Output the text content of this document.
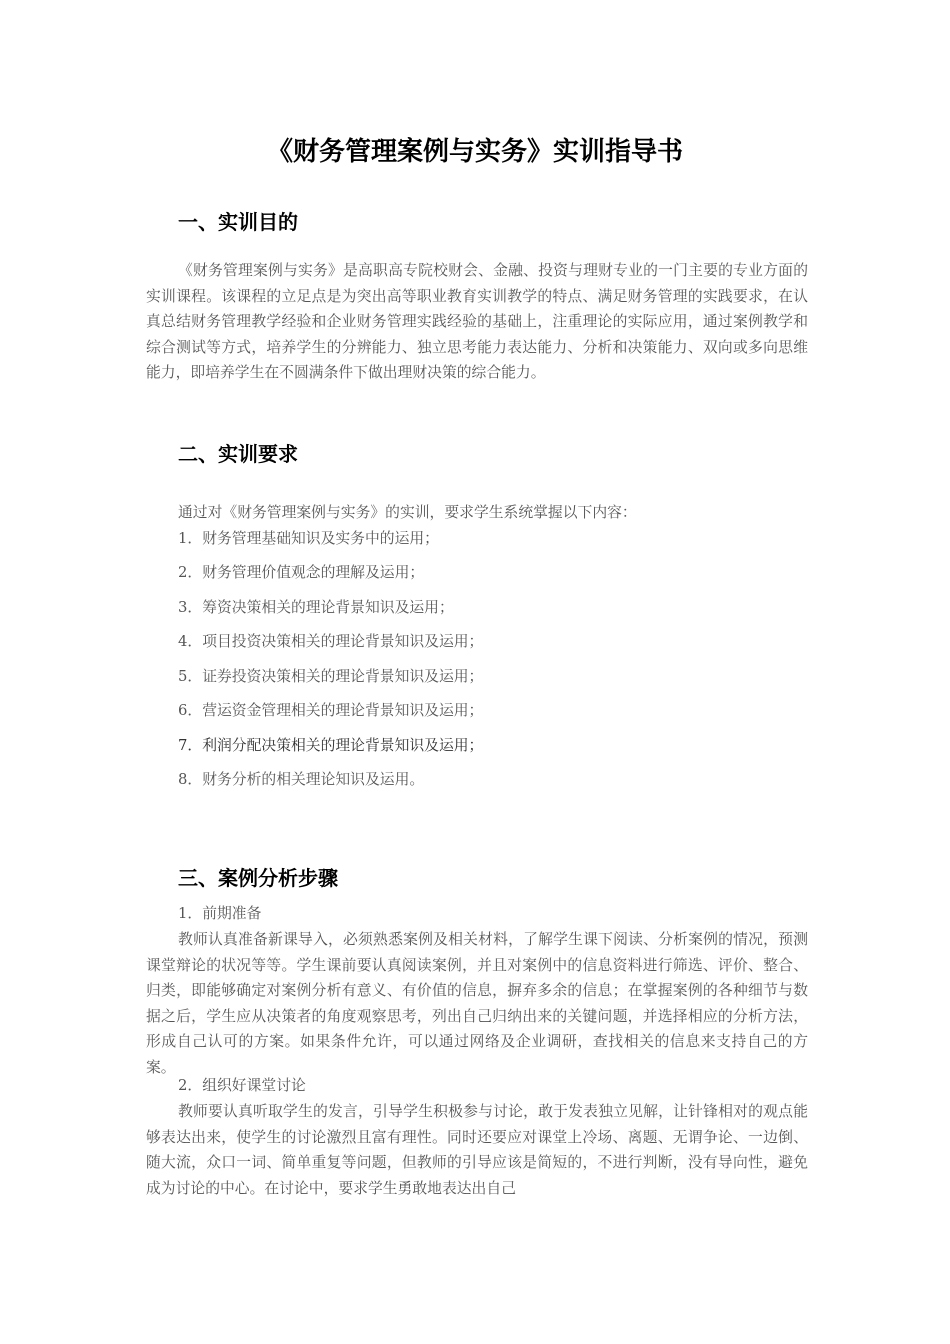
《财务管理案例与实务》实训指导书
一、实训目的

《财务管理案例与实务》是高职高专院校财会、金融、投资与理财专业的一门主要的专业方面的实训课程。该课程的立足点是为突出高等职业教育实训教学的特点、满足财务管理的实践要求，在认真总结财务管理教学经验和企业财务管理实践经验的基础上，注重理论的实际应用，通过案例教学和综合测试等方式，培养学生的分辨能力、独立思考能力表达能力、分析和决策能力、双向或多向思维能力，即培养学生在不圆满条件下做出理财决策的综合能力。

二、实训要求

通过对《财务管理案例与实务》的实训，要求学生系统掌握以下内容：

1．财务管理基础知识及实务中的运用；

2．财务管理价值观念的理解及运用；

3．筹资决策相关的理论背景知识及运用；

4．项目投资决策相关的理论背景知识及运用；

5．证券投资决策相关的理论背景知识及运用；

6．营运资金管理相关的理论背景知识及运用；

7．利润分配决策相关的理论背景知识及运用；

8．财务分析的相关理论知识及运用。

三、案例分析步骤

1．前期准备

教师认真准备新课导入，必须熟悉案例及相关材料，了解学生课下阅读、分析案例的情况，预测课堂辩论的状况等等。学生课前要认真阅读案例，并且对案例中的信息资料进行筛选、评价、整合、归类，即能够确定对案例分析有意义、有价值的信息，摒弃多余的信息；在掌握案例的各种细节与数据之后，学生应从决策者的角度观察思考，列出自己归纳出来的关键问题，并选择相应的分析方法，形成自己认可的方案。如果条件允许，可以通过网络及企业调研，查找相关的信息来支持自己的方案。

2．组织好课堂讨论

教师要认真听取学生的发言，引导学生积极参与讨论，敢于发表独立见解，让针锋相对的观点能够表达出来，使学生的讨论激烈且富有理性。同时还要应对课堂上冷场、离题、无谓争论、一边倒、随大流，众口一词、简单重复等问题，但教师的引导应该是简短的，不进行判断，没有导向性，避免成为讨论的中心。在讨论中，要求学生勇敢地表达出自己
